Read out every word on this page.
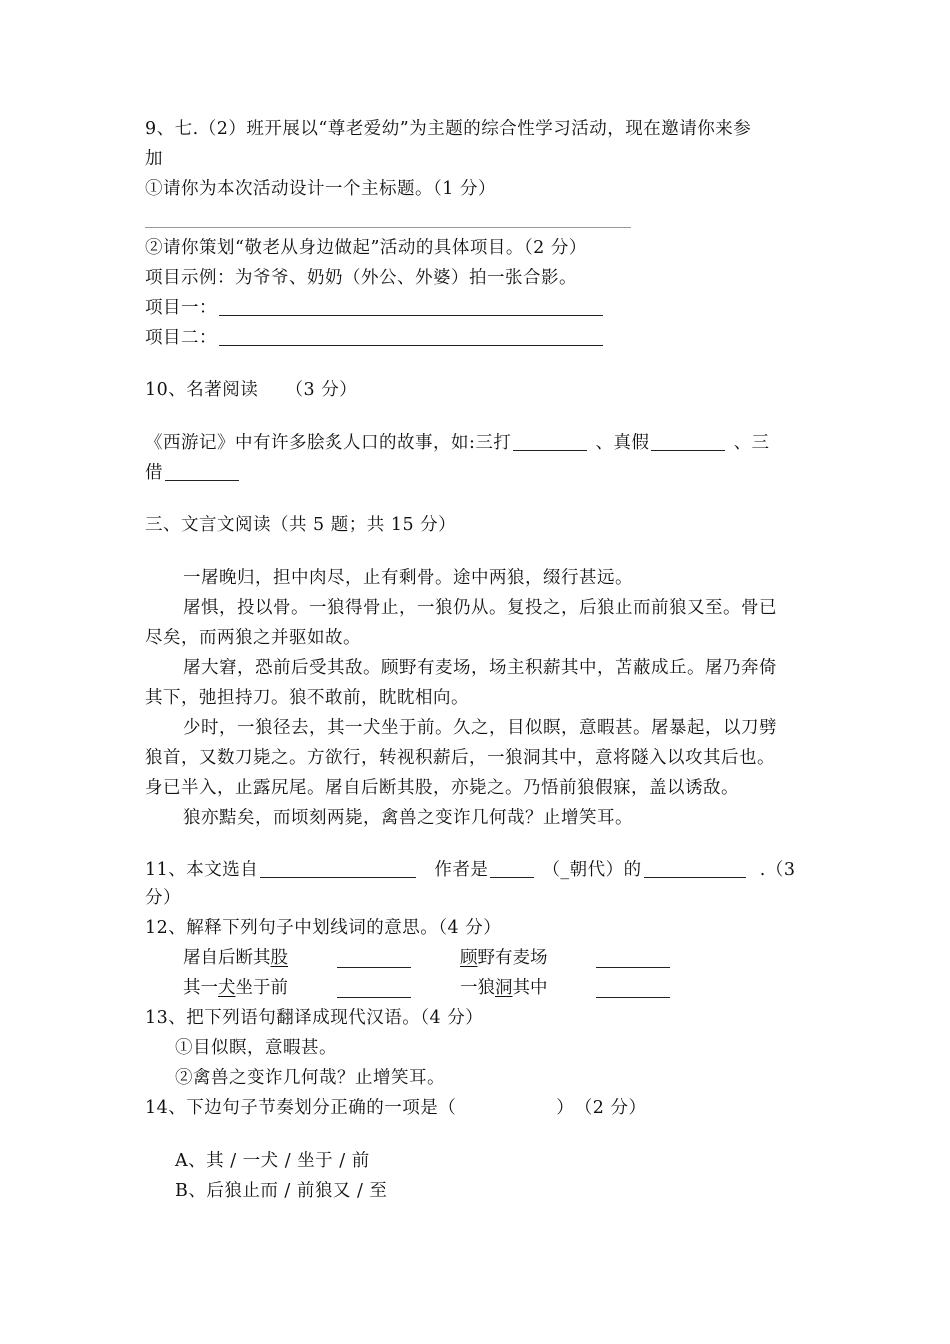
9、七.（2）班开展以“尊老爱幼”为主题的综合性学习活动，现在邀请你来参
加
①请你为本次活动设计一个主标题。（1 分）
②请你策划“敬老从身边做起”活动的具体项目。（2 分）
项目示例：为爷爷、奶奶（外公、外婆）拍一张合影。
项目一：
项目二：
10、名著阅读　　（3 分）
《西游记》中有许多脍炙人口的故事，如:三打	、真假	、三
借
三、文言文阅读（共 5 题；共 15 分）
一屠晚归，担中肉尽，止有剩骨。途中两狼，缀行甚远。
屠惧，投以骨。一狼得骨止，一狼仍从。复投之，后狼止而前狼又至。骨已
尽矣，而两狼之并驱如故。
屠大窘，恐前后受其敌。顾野有麦场，场主积薪其中，苫蔽成丘。屠乃奔倚
其下，弛担持刀。狼不敢前，眈眈相向。
少时，一狼径去，其一犬坐于前。久之，目似瞑，意暇甚。屠暴起，以刀劈
狼首，又数刀毙之。方欲行，转视积薪后，一狼洞其中，意将隧入以攻其后也。
身已半入，止露尻尾。屠自后断其股，亦毙之。乃悟前狼假寐，盖以诱敌。
狼亦黠矣，而顷刻两毙，禽兽之变诈几何哉？止增笑耳。
11、本文选自	作者是	（_朝代）的	.（3
分）
12、解释下列句子中划线词的意思。（4 分）
屠自后断其股	顾野有麦场
其一犬坐于前	一狼洞其中
13、把下列语句翻译成现代汉语。（4 分）
①目似瞑，意暇甚。
②禽兽之变诈几何哉？止增笑耳。
14、下边句子节奏划分正确的一项是（	）　（2 分）
A、其 / 一犬 / 坐于 / 前
B、后狼止而 / 前狼又 / 至
